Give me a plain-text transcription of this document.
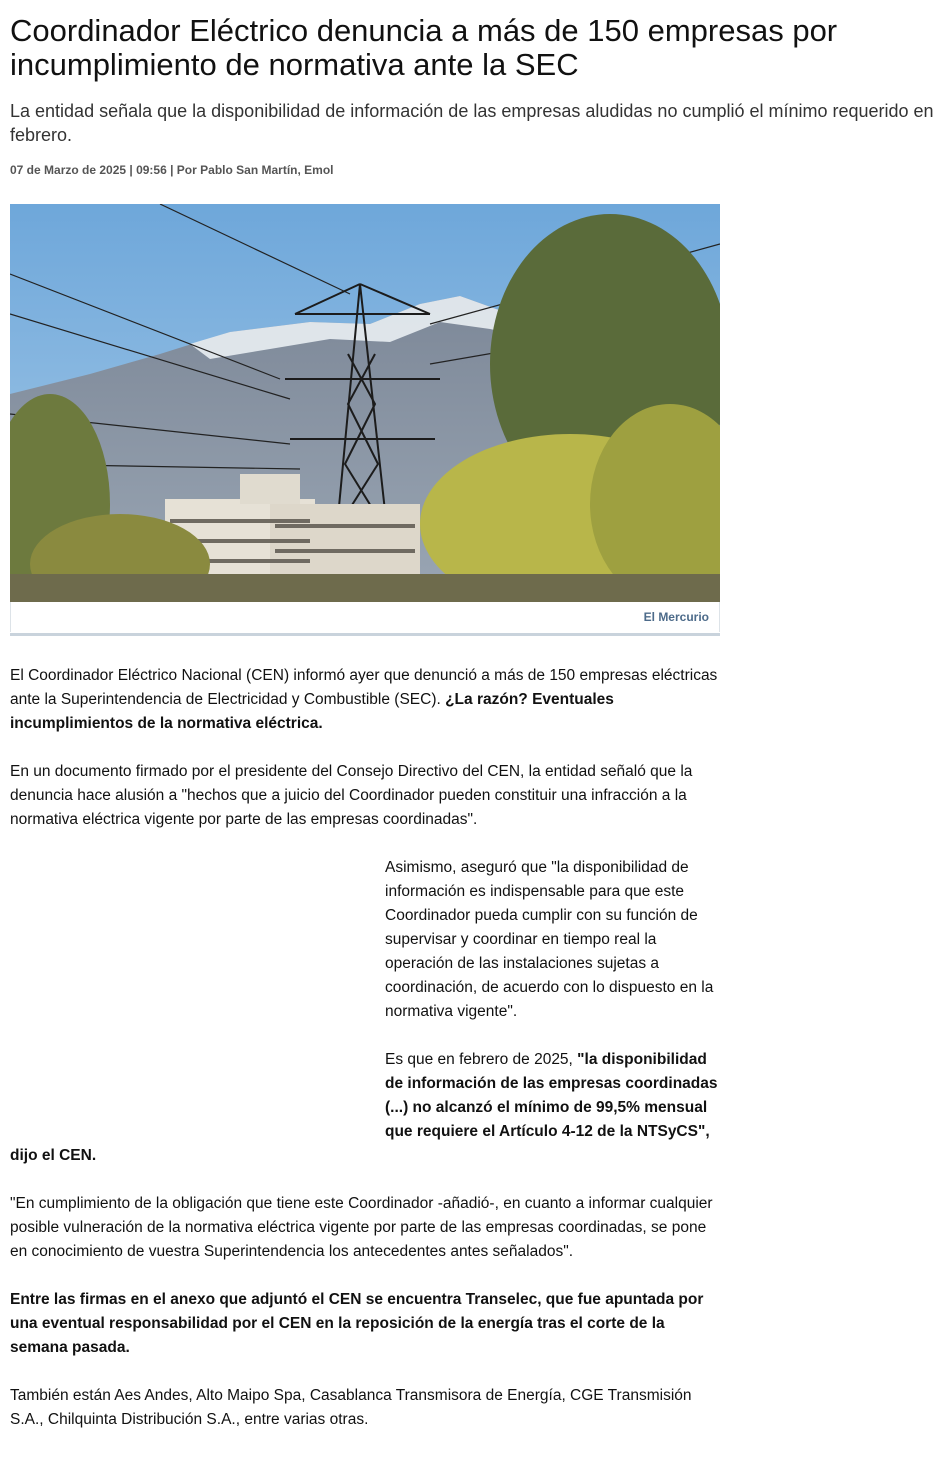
Coordinador Eléctrico denuncia a más de 150 empresas por incumplimiento de normativa ante la SEC

La entidad señala que la disponibilidad de información de las empresas aludidas no cumplió el mínimo requerido en febrero.

07 de Marzo de 2025 | 09:56 | Por Pablo San Martín, Emol

El Mercurio

El Coordinador Eléctrico Nacional (CEN) informó ayer que denunció a más de 150 empresas eléctricas ante la Superintendencia de Electricidad y Combustible (SEC). ¿La razón? Eventuales incumplimientos de la normativa eléctrica.

En un documento firmado por el presidente del Consejo Directivo del CEN, la entidad señaló que la denuncia hace alusión a "hechos que a juicio del Coordinador pueden constituir una infracción a la normativa eléctrica vigente por parte de las empresas coordinadas".

Asimismo, aseguró que "la disponibilidad de información es indispensable para que este Coordinador pueda cumplir con su función de supervisar y coordinar en tiempo real la operación de las instalaciones sujetas a coordinación, de acuerdo con lo dispuesto en la normativa vigente".

Es que en febrero de 2025, "la disponibilidad de información de las empresas coordinadas (...) no alcanzó el mínimo de 99,5% mensual que requiere el Artículo 4-12 de la NTSyCS", dijo el CEN.

"En cumplimiento de la obligación que tiene este Coordinador -añadió-, en cuanto a informar cualquier posible vulneración de la normativa eléctrica vigente por parte de las empresas coordinadas, se pone en conocimiento de vuestra Superintendencia los antecedentes antes señalados".

Entre las firmas en el anexo que adjuntó el CEN se encuentra Transelec, que fue apuntada por una eventual responsabilidad por el CEN en la reposición de la energía tras el corte de la semana pasada.

También están Aes Andes, Alto Maipo Spa, Casablanca Transmisora de Energía, CGE Transmisión S.A., Chilquinta Distribución S.A., entre varias otras.
